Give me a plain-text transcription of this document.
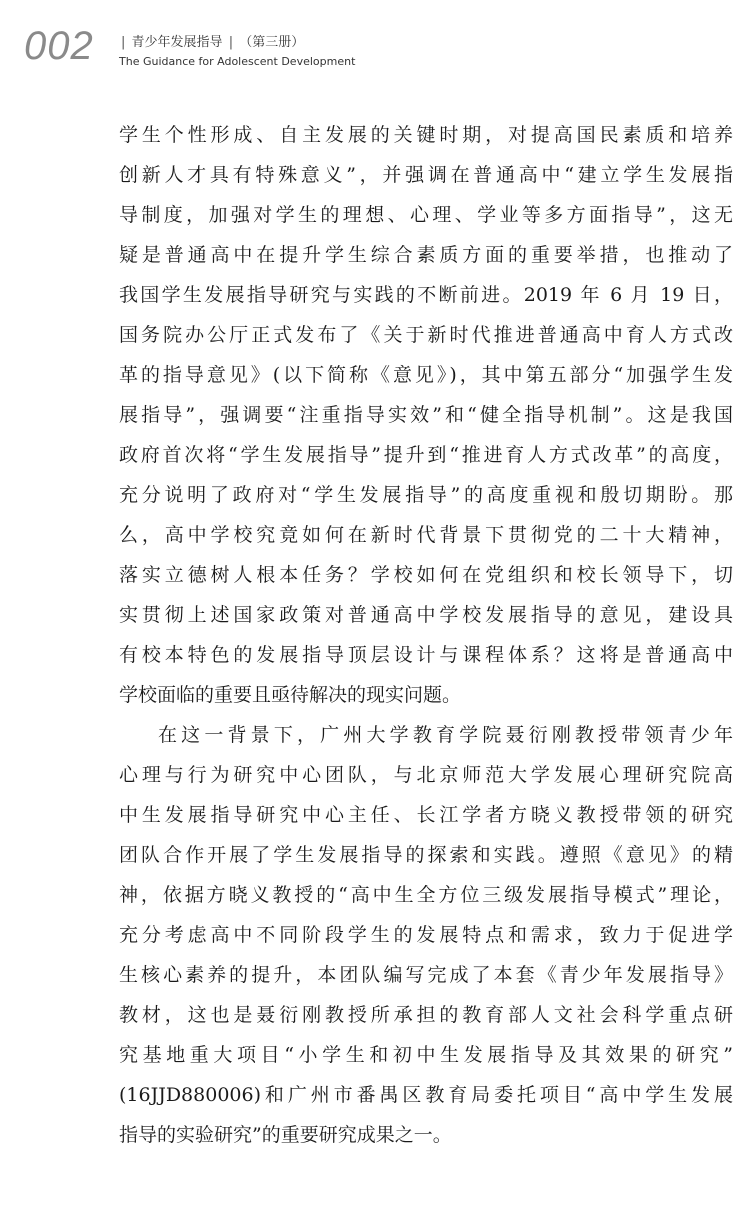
002 | 青少年发展指导 | （第三册）
The Guidance for Adolescent Development
学生个性形成、自主发展的关键时期，对提高国民素质和培养
创新人才具有特殊意义”，并强调在普通高中“建立学生发展指
导制度，加强对学生的理想、心理、学业等多方面指导”，这无
疑是普通高中在提升学生综合素质方面的重要举措，也推动了
我国学生发展指导研究与实践的不断前进。2019 年 6 月 19 日，
国务院办公厅正式发布了《关于新时代推进普通高中育人方式改
革的指导意见》(以下简称《意见》)，其中第五部分“加强学生发
展指导”，强调要“注重指导实效”和“健全指导机制”。这是我国
政府首次将“学生发展指导”提升到“推进育人方式改革”的高度，
充分说明了政府对“学生发展指导”的高度重视和殷切期盼。那
么，高中学校究竟如何在新时代背景下贯彻党的二十大精神，
落实立德树人根本任务？学校如何在党组织和校长领导下，切
实贯彻上述国家政策对普通高中学校发展指导的意见，建设具
有校本特色的发展指导顶层设计与课程体系？这将是普通高中
学校面临的重要且亟待解决的现实问题。
在这一背景下，广州大学教育学院聂衍刚教授带领青少年
心理与行为研究中心团队，与北京师范大学发展心理研究院高
中生发展指导研究中心主任、长江学者方晓义教授带领的研究
团队合作开展了学生发展指导的探索和实践。遵照《意见》的精
神，依据方晓义教授的“高中生全方位三级发展指导模式”理论，
充分考虑高中不同阶段学生的发展特点和需求，致力于促进学
生核心素养的提升，本团队编写完成了本套《青少年发展指导》
教材，这也是聂衍刚教授所承担的教育部人文社会科学重点研
究基地重大项目“小学生和初中生发展指导及其效果的研究”
(16JJD880006)和广州市番禺区教育局委托项目“高中学生发展
指导的实验研究”的重要研究成果之一。
